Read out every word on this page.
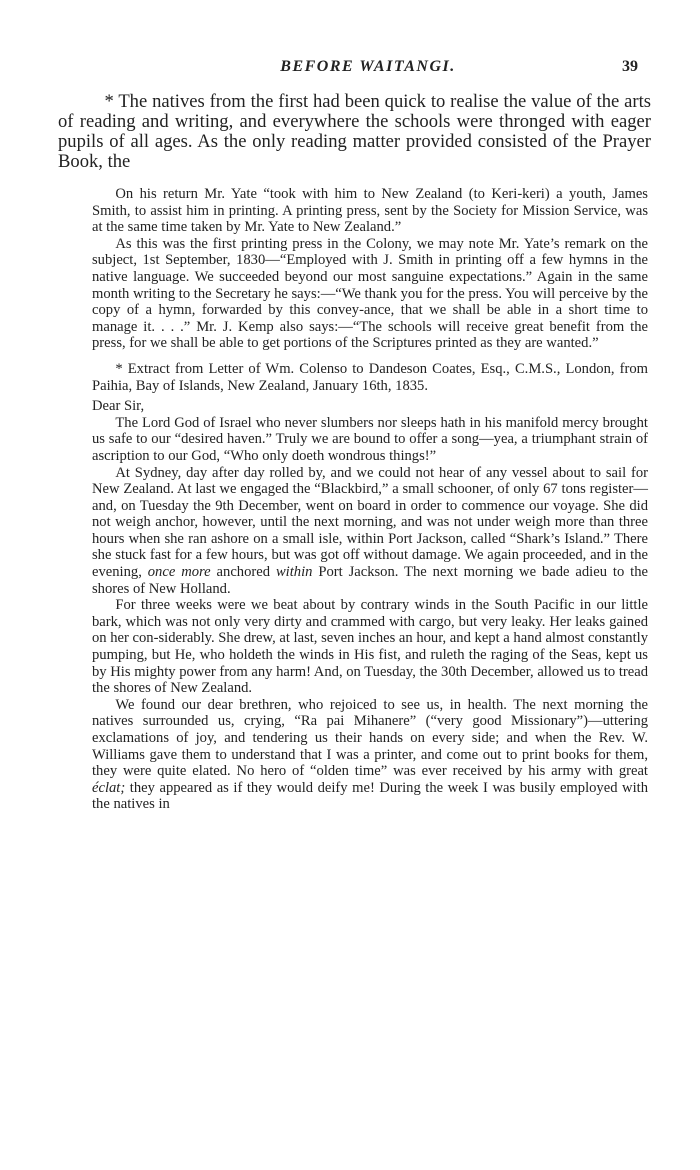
BEFORE WAITANGI.	39

* The natives from the first had been quick to realise the value of the arts of reading and writing, and everywhere the schools were thronged with eager pupils of all ages. As the only reading matter provided consisted of the Prayer Book, the

On his return Mr. Yate “took with him to New Zealand (to Keri-keri) a youth, James Smith, to assist him in printing. A printing press, sent by the Society for Mission Service, was at the same time taken by Mr. Yate to New Zealand.”

As this was the first printing press in the Colony, we may note Mr. Yate’s remark on the subject, 1st September, 1830—“Employed with J. Smith in printing off a few hymns in the native language. We succeeded beyond our most sanguine expectations.” Again in the same month writing to the Secretary he says:—“We thank you for the press. You will perceive by the copy of a hymn, forwarded by this convey-ance, that we shall be able in a short time to manage it. . . .” Mr. J. Kemp also says:—“The schools will receive great benefit from the press, for we shall be able to get portions of the Scriptures printed as they are wanted.”

* Extract from Letter of Wm. Colenso to Dandeson Coates, Esq., C.M.S., London, from Paihia, Bay of Islands, New Zealand, January 16th, 1835.

Dear Sir,

The Lord God of Israel who never slumbers nor sleeps hath in his manifold mercy brought us safe to our “desired haven.” Truly we are bound to offer a song—yea, a triumphant strain of ascription to our God, “Who only doeth wondrous things!”

At Sydney, day after day rolled by, and we could not hear of any vessel about to sail for New Zealand. At last we engaged the “Blackbird,” a small schooner, of only 67 tons register—and, on Tuesday the 9th December, went on board in order to commence our voyage. She did not weigh anchor, however, until the next morning, and was not under weigh more than three hours when she ran ashore on a small isle, within Port Jackson, called “Shark’s Island.” There she stuck fast for a few hours, but was got off without damage. We again proceeded, and in the evening, once more anchored within Port Jackson. The next morning we bade adieu to the shores of New Holland.

For three weeks were we beat about by contrary winds in the South Pacific in our little bark, which was not only very dirty and crammed with cargo, but very leaky. Her leaks gained on her con-siderably. She drew, at last, seven inches an hour, and kept a hand almost constantly pumping, but He, who holdeth the winds in His fist, and ruleth the raging of the Seas, kept us by His mighty power from any harm! And, on Tuesday, the 30th December, allowed us to tread the shores of New Zealand.

We found our dear brethren, who rejoiced to see us, in health. The next morning the natives surrounded us, crying, “Ra pai Mihanere” (“very good Missionary”)—uttering exclamations of joy, and tendering us their hands on every side; and when the Rev. W. Williams gave them to understand that I was a printer, and come out to print books for them, they were quite elated. No hero of “olden time” was ever received by his army with great éclat; they appeared as if they would deify me! During the week I was busily employed with the natives in
